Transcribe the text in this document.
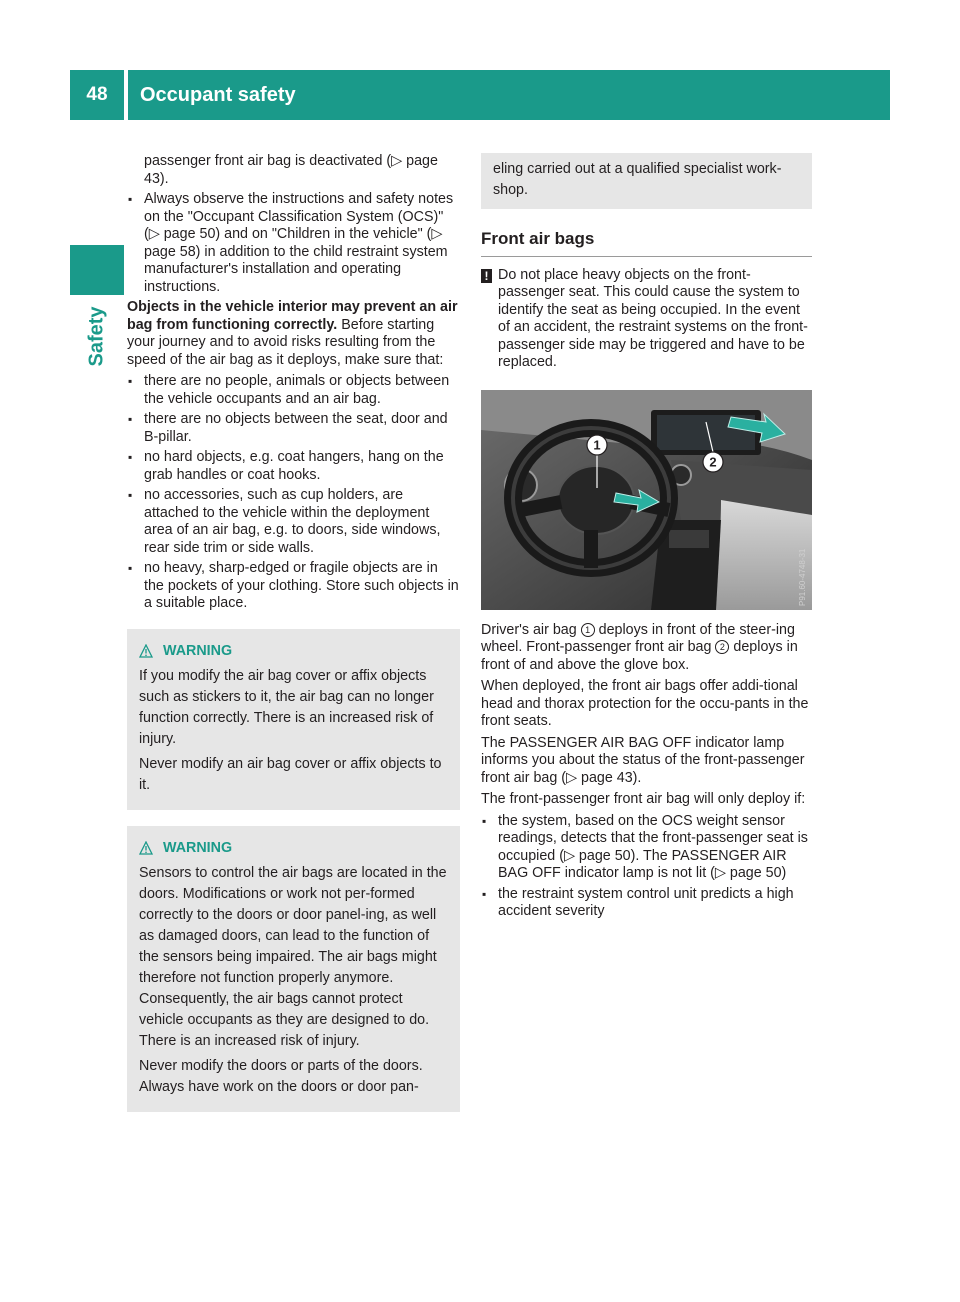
48	Occupant safety
Safety

passenger front air bag is deactivated (▷ page 43).

▪ Always observe the instructions and safety notes on the "Occupant Classification System (OCS)" (▷ page 50) and on "Children in the vehicle" (▷ page 58) in addition to the child restraint system manufacturer's installation and operating instructions.

Objects in the vehicle interior may prevent an air bag from functioning correctly. Before starting your journey and to avoid risks resulting from the speed of the air bag as it deploys, make sure that:

▪ there are no people, animals or objects between the vehicle occupants and an air bag.

▪ there are no objects between the seat, door and B-pillar.

▪ no hard objects, e.g. coat hangers, hang on the grab handles or coat hooks.

▪ no accessories, such as cup holders, are attached to the vehicle within the deployment area of an air bag, e.g. to doors, side windows, rear side trim or side walls.

▪ no heavy, sharp-edged or fragile objects are in the pockets of your clothing. Store such objects in a suitable place.

WARNING

If you modify the air bag cover or affix objects such as stickers to it, the air bag can no longer function correctly. There is an increased risk of injury.

Never modify an air bag cover or affix objects to it.

WARNING

Sensors to control the air bags are located in the doors. Modifications or work not per-formed correctly to the doors or door panel-ing, as well as damaged doors, can lead to the function of the sensors being impaired. The air bags might therefore not function properly anymore. Consequently, the air bags cannot protect vehicle occupants as they are designed to do. There is an increased risk of injury.

Never modify the doors or parts of the doors. Always have work on the doors or door pan-

eling carried out at a qualified specialist work-shop.
Front air bags
! Do not place heavy objects on the front-passenger seat. This could cause the system to identify the seat as being occupied. In the event of an accident, the restraint systems on the front-passenger side may be triggered and have to be replaced.
1
2
P91.60-4748-31

Driver's air bag 1 deploys in front of the steer-ing wheel. Front-passenger front air bag 2 deploys in front of and above the glove box.

When deployed, the front air bags offer addi-tional head and thorax protection for the occu-pants in the front seats.

The PASSENGER AIR BAG OFF indicator lamp informs you about the status of the front-passenger front air bag (▷ page 43).

The front-passenger front air bag will only deploy if:

▪ the system, based on the OCS weight sensor readings, detects that the front-passenger seat is occupied (▷ page 50). The PASSENGER AIR BAG OFF indicator lamp is not lit (▷ page 50)

▪ the restraint system control unit predicts a high accident severity
